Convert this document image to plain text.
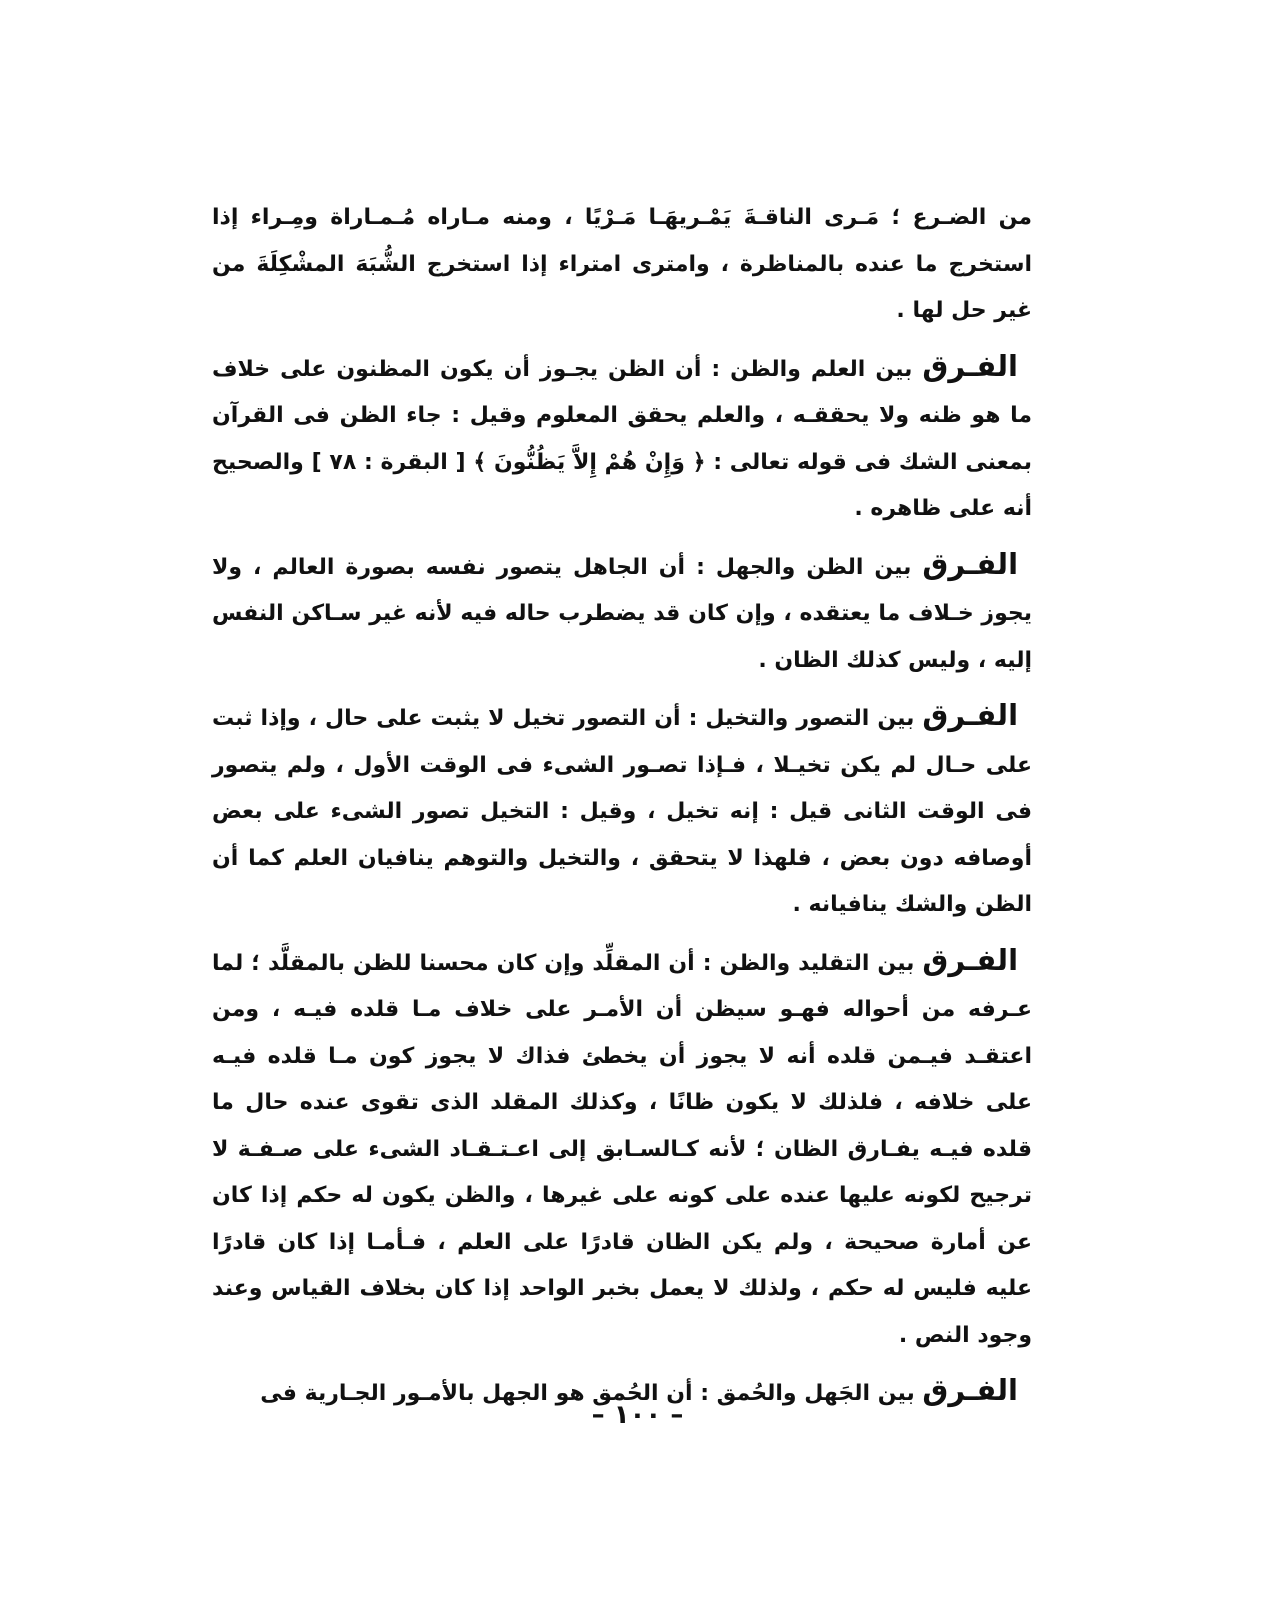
من الضـرع ؛ مَـرى الناقـةَ يَمْـريهَـا مَـرْيًا ، ومنه مـاراه مُـمـاراة ومِـراء إذا استخرج ما عنده بالمناظرة ، وامترى امتراء إذا استخرج الشُّبَهَ المشْكِلَةَ من غير حل لها .

الفـرق بين العلم والظن : أن الظن يجـوز أن يكون المظنون على خلاف ما هو ظنه ولا يحققـه ، والعلم يحقق المعلوم وقيل : جاء الظن فى القرآن بمعنى الشك فى قوله تعالى : ﴿ وَإِنْ هُمْ إِلاَّ يَظُنُّونَ ﴾ [ البقرة : ٧٨ ] والصحيح أنه على ظاهره .

الفـرق بين الظن والجهل : أن الجاهل يتصور نفسه بصورة العالم ، ولا يجوز خـلاف ما يعتقده ، وإن كان قد يضطرب حاله فيه لأنه غير سـاكن النفس إليه ، وليس كذلك الظان .

الفـرق بين التصور والتخيل : أن التصور تخيل لا يثبت على حال ، وإذا ثبت على حـال لم يكن تخيـلا ، فـإذا تصـور الشىء فى الوقت الأول ، ولم يتصور فى الوقت الثانى قيل : إنه تخيل ، وقيل : التخيل تصور الشىء على بعض أوصافه دون بعض ، فلهذا لا يتحقق ، والتخيل والتوهم ينافيان العلم كما أن الظن والشك ينافيانه .

الفـرق بين التقليد والظن : أن المقلِّد وإن كان محسنا للظن بالمقلَّد ؛ لما عـرفه من أحواله فهـو سيظن أن الأمـر على خلاف مـا قلده فيـه ، ومن اعتقـد فيـمن قلده أنه لا يجوز أن يخطئ فذاك لا يجوز كون مـا قلده فيـه على خلافه ، فلذلك لا يكون ظانًا ، وكذلك المقلد الذى تقوى عنده حال ما قلده فيـه يفـارق الظان ؛ لأنه كـالسـابق إلى اعـتـقـاد الشىء على صـفـة لا ترجيح لكونه عليها عنده على كونه على غيرها ، والظن يكون له حكم إذا كان عن أمارة صحيحة ، ولم يكن الظان قادرًا على العلم ، فـأمـا إذا كان قادرًا عليه فليس له حكم ، ولذلك لا يعمل بخبر الواحد إذا كان بخلاف القياس وعند وجود النص .

الفـرق بين الجَهل والحُمق : أن الحُمق هو الجهل بالأمـور الجـارية فى

– ١٠٠ –
